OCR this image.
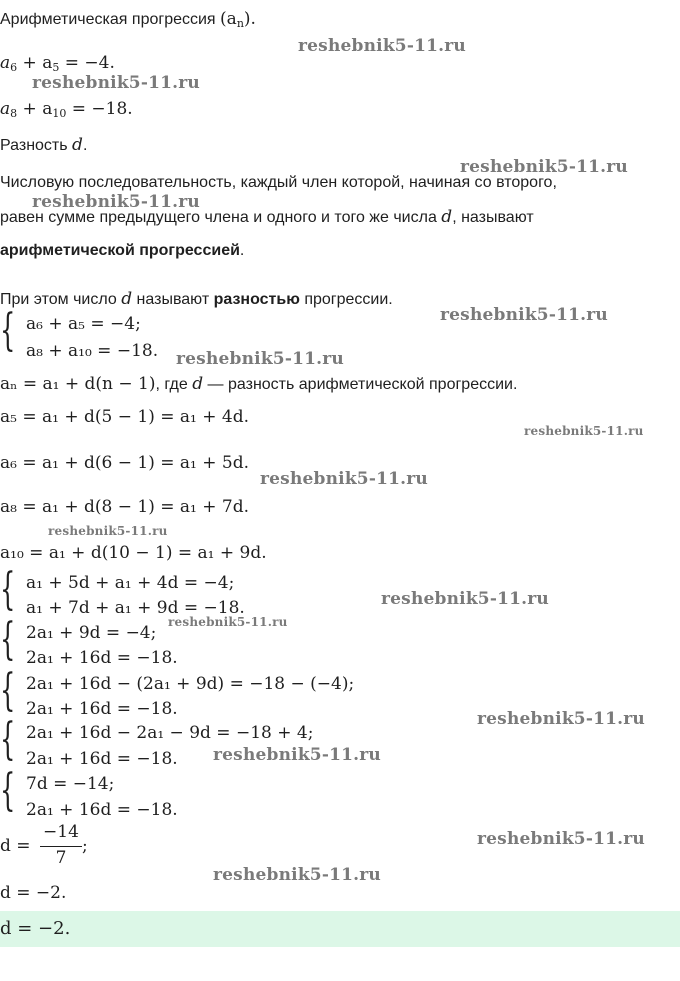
Арифметическая прогрессия $(a_n)$.
$a_6 + a_5 = -4$.
$a_8 + a_{10} = -18$.
Разность d.
Числовую последовательность, каждый член которой, начиная со второго,
равен сумме предыдущего члена и одного и того же числа d, называют
арифметической прогрессией.
При этом число d называют разностью прогрессии.
{ a₆ + a₅ = −4;
a₈ + a₁₀ = −18.
aₙ = a₁ + d(n − 1), где d — разность арифметической прогрессии.
a₅ = a₁ + d(5 − 1) = a₁ + 4d.
a₆ = a₁ + d(6 − 1) = a₁ + 5d.
a₈ = a₁ + d(8 − 1) = a₁ + 7d.
a₁₀ = a₁ + d(10 − 1) = a₁ + 9d.
{ a₁ + 5d + a₁ + 4d = −4;
a₁ + 7d + a₁ + 9d = −18.
{ 2a₁ + 9d = −4;
2a₁ + 16d = −18.
{ 2a₁ + 16d − (2a₁ + 9d) = −18 − (−4);
2a₁ + 16d = −18.
{ 2a₁ + 16d − 2a₁ − 9d = −18 + 4;
2a₁ + 16d = −18.
{ 7d = −14;
2a₁ + 16d = −18.
d =
−14
7
;
d = −2.
d = −2.
reshebnik5-11.ru
reshebnik5-11.ru
reshebnik5-11.ru
reshebnik5-11.ru
reshebnik5-11.ru
reshebnik5-11.ru
reshebnik5-11.ru
reshebnik5-11.ru
reshebnik5-11.ru
reshebnik5-11.ru
reshebnik5-11.ru
reshebnik5-11.ru
reshebnik5-11.ru
reshebnik5-11.ru
reshebnik5-11.ru
